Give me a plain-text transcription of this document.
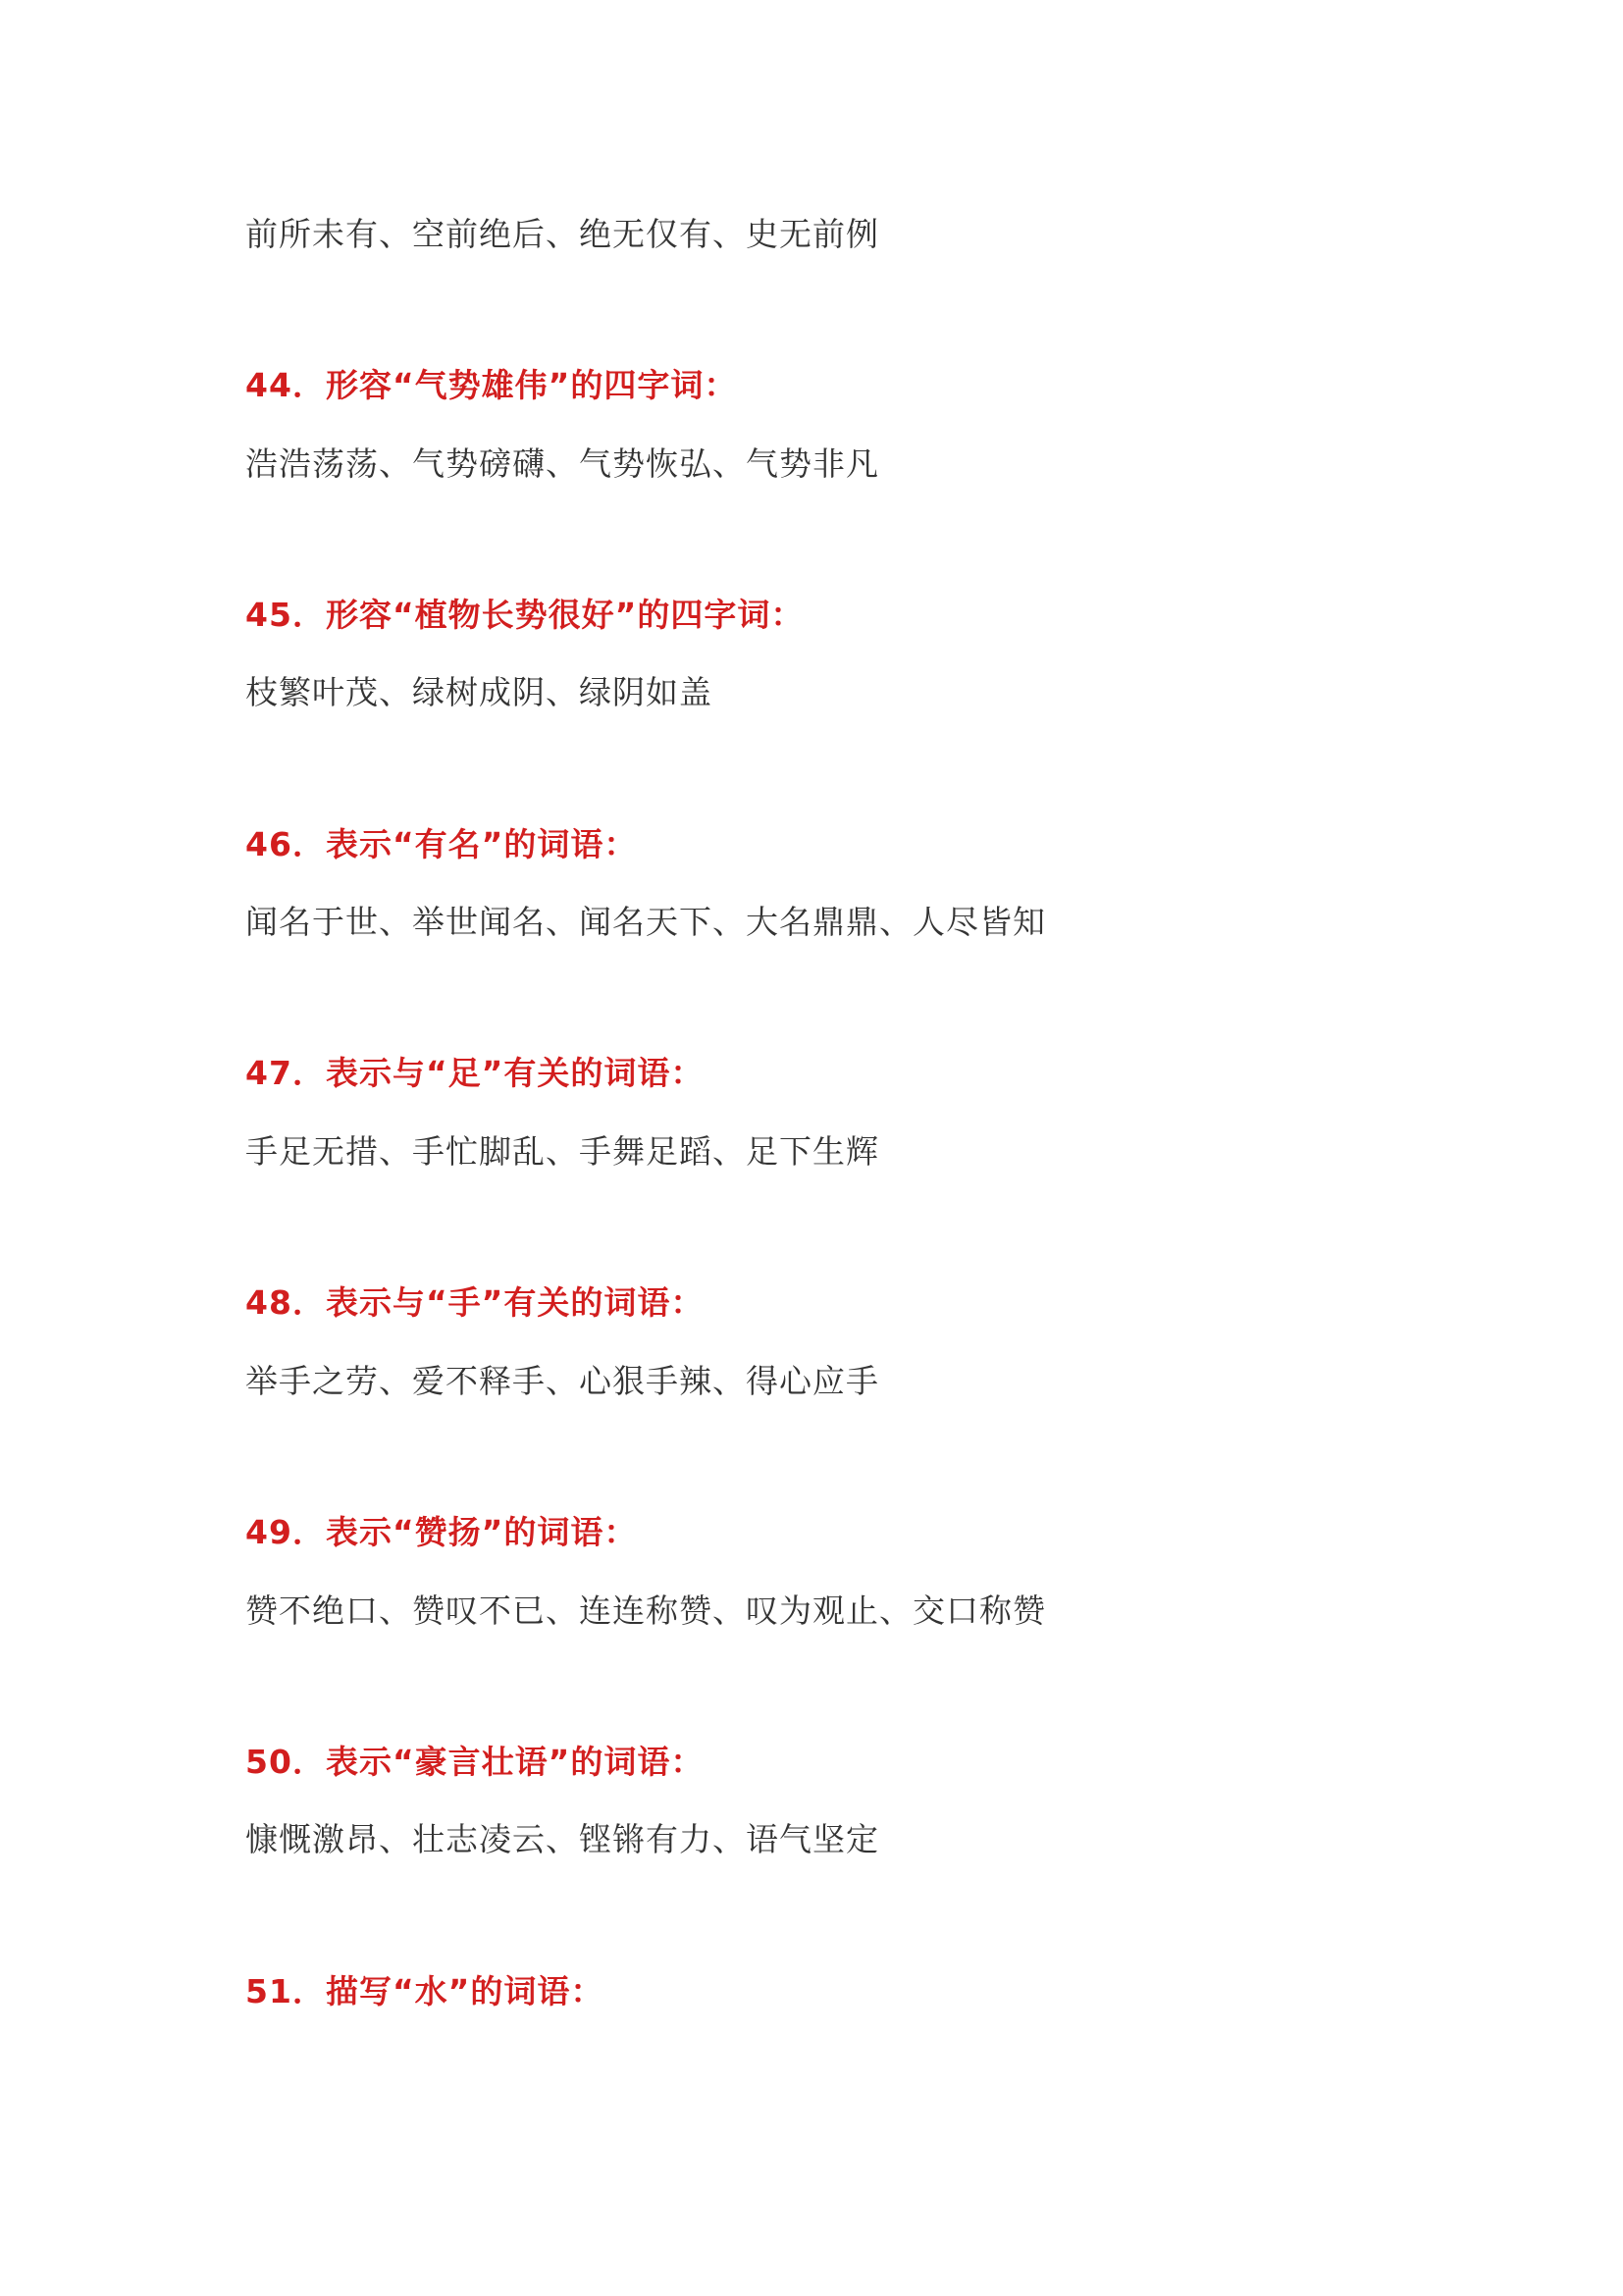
前所未有、空前绝后、绝无仅有、史无前例
44．形容“气势雄伟”的四字词：
浩浩荡荡、气势磅礴、气势恢弘、气势非凡
45．形容“植物长势很好”的四字词：
枝繁叶茂、绿树成阴、绿阴如盖
46．表示“有名”的词语：
闻名于世、举世闻名、闻名天下、大名鼎鼎、人尽皆知
47．表示与“足”有关的词语：
手足无措、手忙脚乱、手舞足蹈、足下生辉
48．表示与“手”有关的词语：
举手之劳、爱不释手、心狠手辣、得心应手
49．表示“赞扬”的词语：
赞不绝口、赞叹不已、连连称赞、叹为观止、交口称赞
50．表示“豪言壮语”的词语：
慷慨激昂、壮志凌云、铿锵有力、语气坚定
51．描写“水”的词语：
